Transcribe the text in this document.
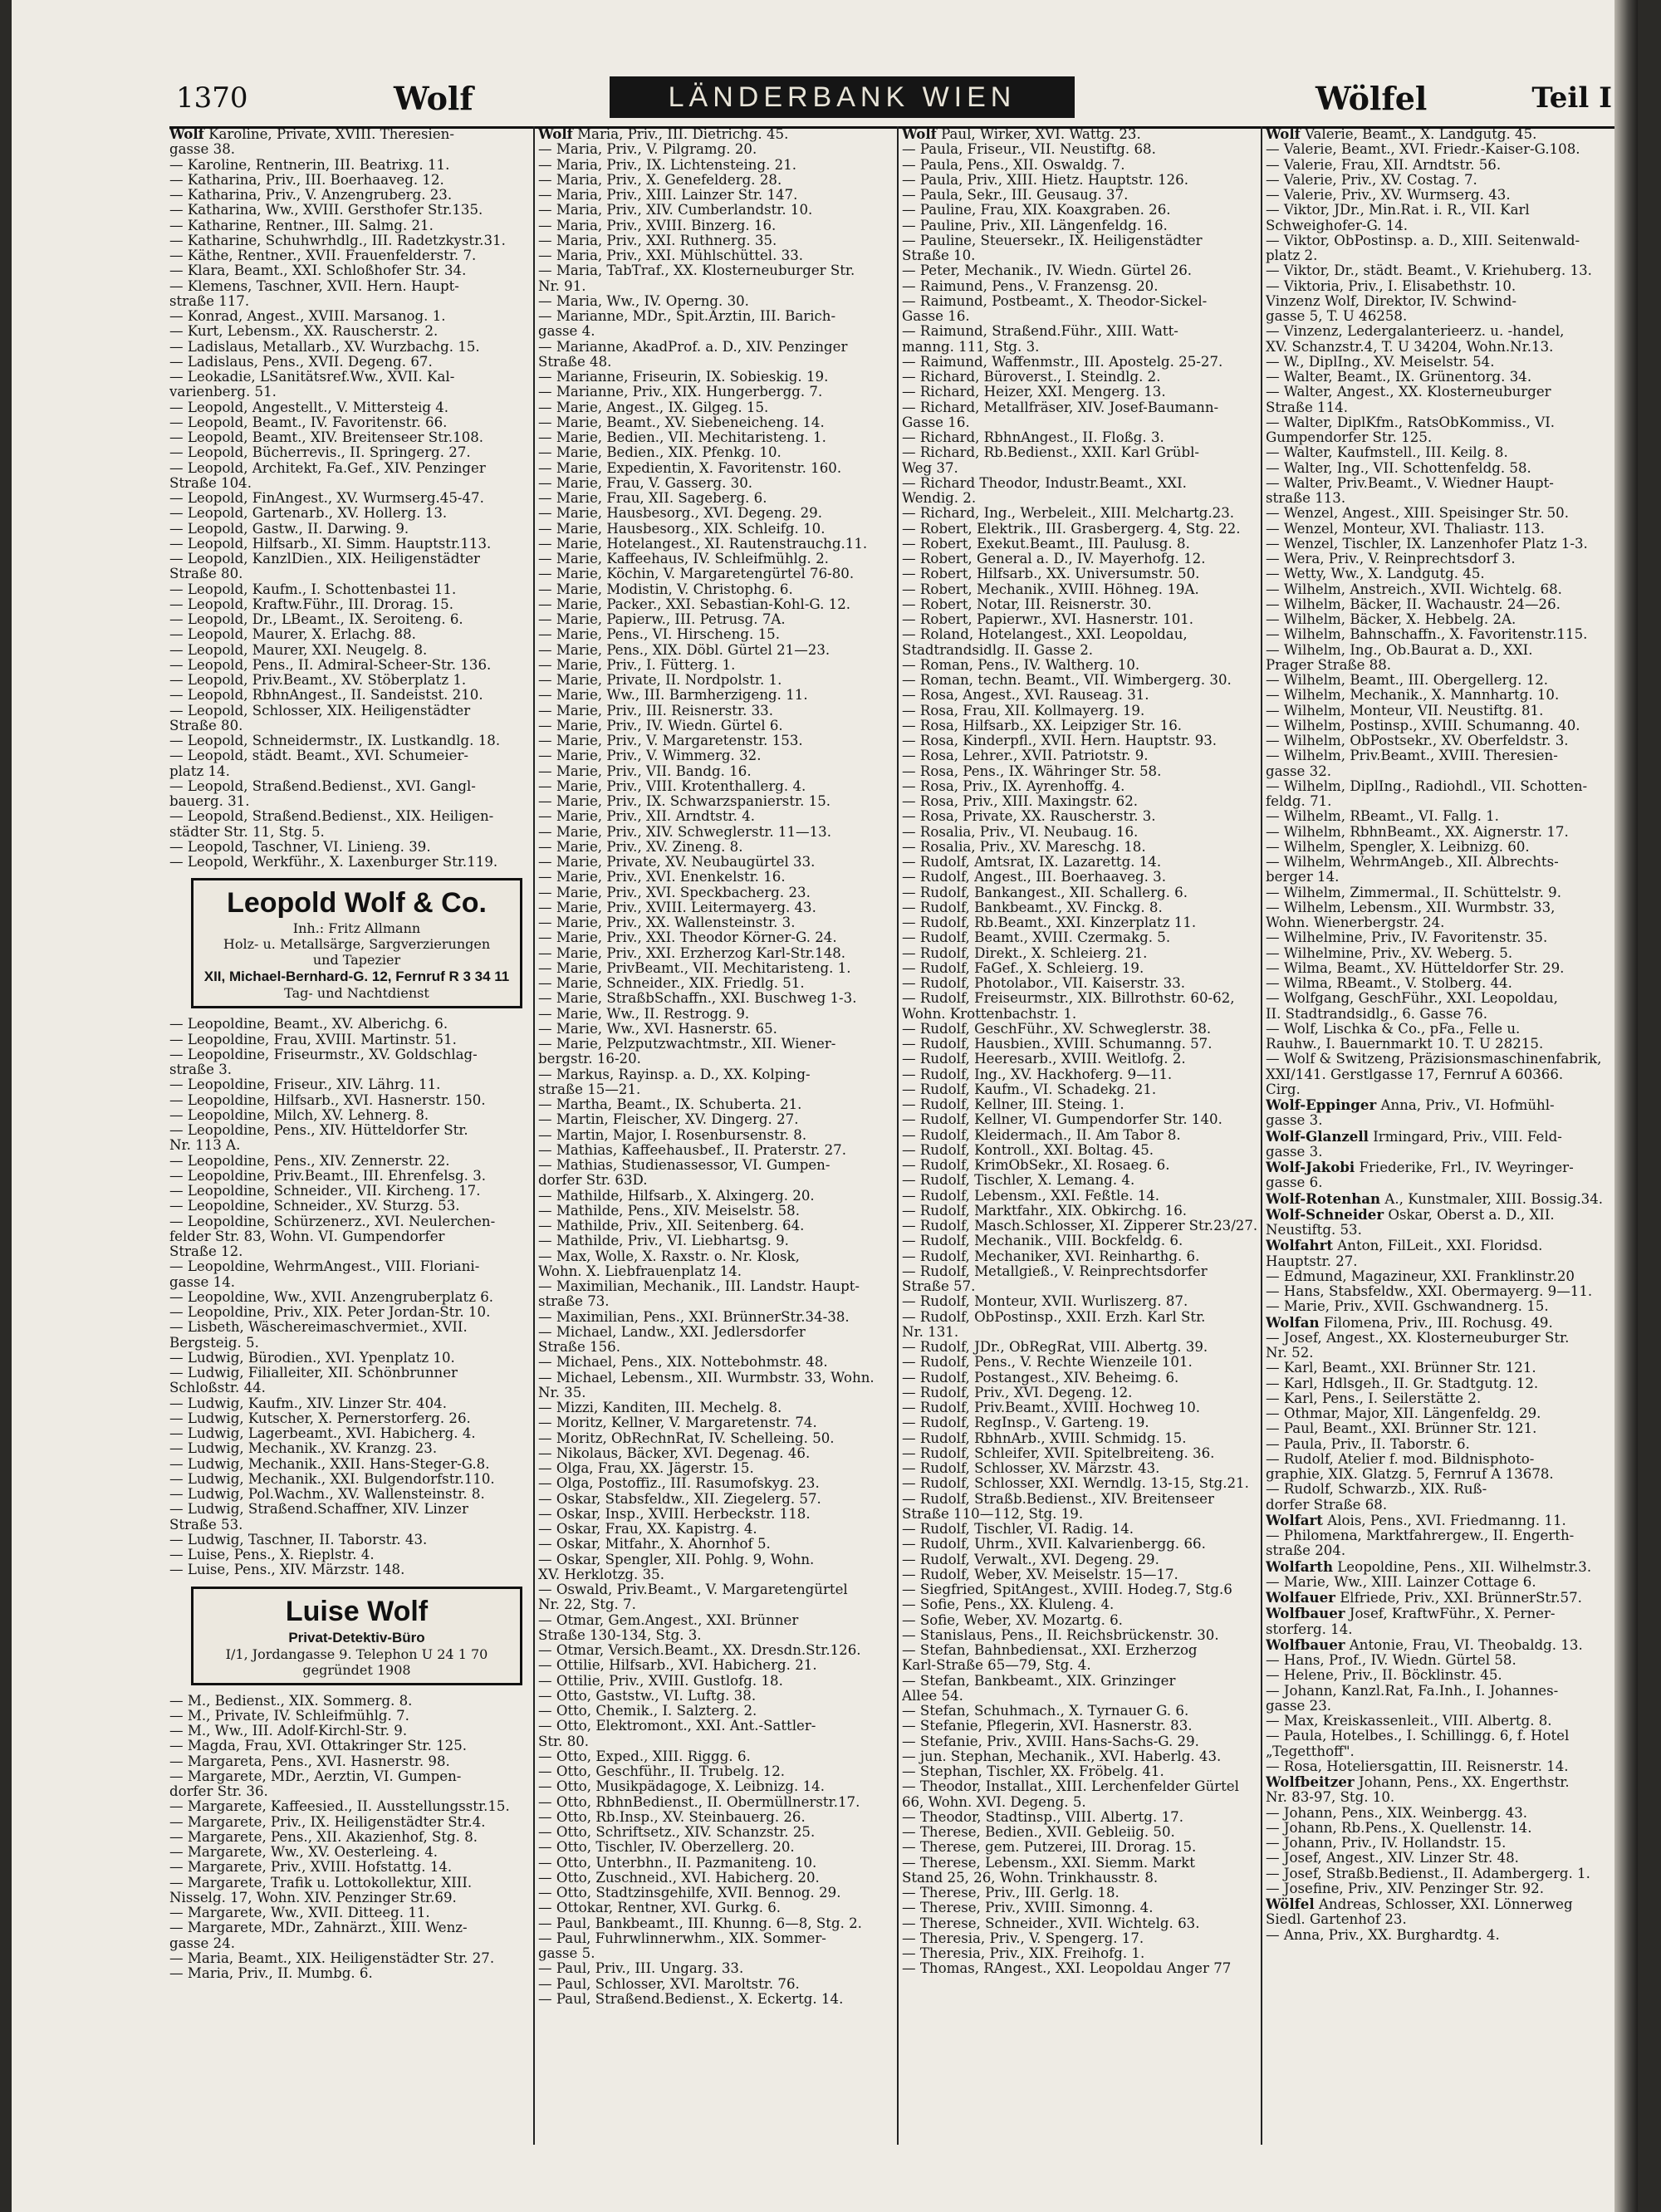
1370	Wolf	LÄNDERBANK WIEN	Wölfel	Teil I
Wolf Karoline, Private, XVIII. Theresien-
gasse 38.
— Karoline, Rentnerin, III. Beatrixg. 11.
— Katharina, Priv., III. Boerhaaveg. 12.
— Katharina, Priv., V. Anzengruberg. 23.
— Katharina, Ww., XVIII. Gersthofer Str.135.
— Katharine, Rentner., III. Salmg. 21.
— Katharine, Schuhwrhdlg., III. Radetzkystr.31.
— Käthe, Rentner., XVII. Frauenfelderstr. 7.
— Klara, Beamt., XXI. Schloßhofer Str. 34.
— Klemens, Taschner, XVII. Hern. Haupt-
straße 117.
— Konrad, Angest., XVIII. Marsanog. 1.
— Kurt, Lebensm., XX. Rauscherstr. 2.
— Ladislaus, Metallarb., XV. Wurzbachg. 15.
— Ladislaus, Pens., XVII. Degeng. 67.
— Leokadie, LSanitätsref.Ww., XVII. Kal-
varienberg. 51.
— Leopold, Angestellt., V. Mittersteig 4.
— Leopold, Beamt., IV. Favoritenstr. 66.
— Leopold, Beamt., XIV. Breitenseer Str.108.
— Leopold, Bücherrevis., II. Springerg. 27.
— Leopold, Architekt, Fa.Gef., XIV. Penzinger
Straße 104.
— Leopold, FinAngest., XV. Wurmserg.45-47.
— Leopold, Gartenarb., XV. Hollerg. 13.
— Leopold, Gastw., II. Darwing. 9.
— Leopold, Hilfsarb., XI. Simm. Hauptstr.113.
— Leopold, KanzlDien., XIX. Heiligenstädter
Straße 80.
— Leopold, Kaufm., I. Schottenbastei 11.
— Leopold, Kraftw.Führ., III. Drorag. 15.
— Leopold, Dr., LBeamt., IX. Seroiteng. 6.
— Leopold, Maurer, X. Erlachg. 88.
— Leopold, Maurer, XXI. Neugelg. 8.
— Leopold, Pens., II. Admiral-Scheer-Str. 136.
— Leopold, Priv.Beamt., XV. Stöberplatz 1.
— Leopold, RbhnAngest., II. Sandeistst. 210.
— Leopold, Schlosser, XIX. Heiligenstädter
Straße 80.
— Leopold, Schneidermstr., IX. Lustkandlg. 18.
— Leopold, städt. Beamt., XVI. Schumeier-
platz 14.
— Leopold, Straßend.Bedienst., XVI. Gangl-
bauerg. 31.
— Leopold, Straßend.Bedienst., XIX. Heiligen-
städter Str. 11, Stg. 5.
— Leopold, Taschner, VI. Linieng. 39.
— Leopold, Werkführ., X. Laxenburger Str.119.
Leopold Wolf & Co.
Inh.: Fritz Allmann
Holz- u. Metallsärge, Sargverzierungen
und Tapezier
XII, Michael-Bernhard-G. 12, Fernruf R 3 34 11
Tag- und Nachtdienst
— Leopoldine, Beamt., XV. Alberichg. 6.
— Leopoldine, Frau, XVIII. Martinstr. 51.
— Leopoldine, Friseurmstr., XV. Goldschlag-
straße 3.
— Leopoldine, Friseur., XIV. Lährg. 11.
— Leopoldine, Hilfsarb., XVI. Hasnerstr. 150.
— Leopoldine, Milch, XV. Lehnerg. 8.
— Leopoldine, Pens., XIV. Hütteldorfer Str.
Nr. 113 A.
— Leopoldine, Pens., XIV. Zennerstr. 22.
— Leopoldine, Priv.Beamt., III. Ehrenfelsg. 3.
— Leopoldine, Schneider., VII. Kircheng. 17.
— Leopoldine, Schneider., XV. Sturzg. 53.
— Leopoldine, Schürzenerz., XVI. Neulerchen-
felder Str. 83, Wohn. VI. Gumpendorfer
Straße 12.
— Leopoldine, WehrmAngest., VIII. Floriani-
gasse 14.
— Leopoldine, Ww., XVII. Anzengruberplatz 6.
— Leopoldine, Priv., XIX. Peter Jordan-Str. 10.
— Lisbeth, Wäschereimaschvermiet., XVII.
Bergsteig. 5.
— Ludwig, Bürodien., XVI. Ypenplatz 10.
— Ludwig, Filialleiter, XII. Schönbrunner
Schloßstr. 44.
— Ludwig, Kaufm., XIV. Linzer Str. 404.
— Ludwig, Kutscher, X. Pernerstorferg. 26.
— Ludwig, Lagerbeamt., XVI. Habicherg. 4.
— Ludwig, Mechanik., XV. Kranzg. 23.
— Ludwig, Mechanik., XXII. Hans-Steger-G.8.
— Ludwig, Mechanik., XXI. Bulgendorfstr.110.
— Ludwig, Pol.Wachm., XV. Wallensteinstr. 8.
— Ludwig, Straßend.Schaffner, XIV. Linzer
Straße 53.
— Ludwig, Taschner, II. Taborstr. 43.
— Luise, Pens., X. Rieplstr. 4.
— Luise, Pens., XIV. Märzstr. 148.
Luise Wolf
Privat-Detektiv-Büro
I/1, Jordangasse 9. Telephon U 24 1 70
gegründet 1908
— M., Bedienst., XIX. Sommerg. 8.
— M., Private, IV. Schleifmühlg. 7.
— M., Ww., III. Adolf-Kirchl-Str. 9.
— Magda, Frau, XVI. Ottakringer Str. 125.
— Margareta, Pens., XVI. Hasnerstr. 98.
— Margarete, MDr., Aerztin, VI. Gumpen-
dorfer Str. 36.
— Margarete, Kaffeesied., II. Ausstellungsstr.15.
— Margarete, Priv., IX. Heiligenstädter Str.4.
— Margarete, Pens., XII. Akazienhof, Stg. 8.
— Margarete, Ww., XV. Oesterleing. 4.
— Margarete, Priv., XVIII. Hofstattg. 14.
— Margarete, Trafik u. Lottokollektur, XIII.
Nisselg. 17, Wohn. XIV. Penzinger Str.69.
— Margarete, Ww., XVII. Ditteeg. 11.
— Margarete, MDr., Zahnärzt., XIII. Wenz-
gasse 24.
— Maria, Beamt., XIX. Heiligenstädter Str. 27.
— Maria, Priv., II. Mumbg. 6.
Wolf Maria, Priv., III. Dietrichg. 45.
— Maria, Priv., V. Pilgramg. 20.
— Maria, Priv., IX. Lichtensteing. 21.
— Maria, Priv., X. Genefelderg. 28.
— Maria, Priv., XIII. Lainzer Str. 147.
— Maria, Priv., XIV. Cumberlandstr. 10.
— Maria, Priv., XVIII. Binzerg. 16.
— Maria, Priv., XXI. Ruthnerg. 35.
— Maria, Priv., XXI. Mühlschüttel. 33.
— Maria, TabTraf., XX. Klosterneuburger Str.
Nr. 91.
— Maria, Ww., IV. Operng. 30.
— Marianne, MDr., Spit.Ärztin, III. Barich-
gasse 4.
— Marianne, AkadProf. a. D., XIV. Penzinger
Straße 48.
— Marianne, Friseurin, IX. Sobieskig. 19.
— Marianne, Priv., XIX. Hungerbergg. 7.
— Marie, Angest., IX. Gilgeg. 15.
— Marie, Beamt., XV. Siebeneicheng. 14.
— Marie, Bedien., VII. Mechitaristeng. 1.
— Marie, Bedien., XIX. Pfenkg. 10.
— Marie, Expedientin, X. Favoritenstr. 160.
— Marie, Frau, V. Gasserg. 30.
— Marie, Frau, XII. Sageberg. 6.
— Marie, Hausbesorg., XVI. Degeng. 29.
— Marie, Hausbesorg., XIX. Schleifg. 10.
— Marie, Hotelangest., XI. Rautenstrauchg.11.
— Marie, Kaffeehaus, IV. Schleifmühlg. 2.
— Marie, Köchin, V. Margaretengürtel 76-80.
— Marie, Modistin, V. Christophg. 6.
— Marie, Packer., XXI. Sebastian-Kohl-G. 12.
— Marie, Papierw., III. Petrusg. 7A.
— Marie, Pens., VI. Hirscheng. 15.
— Marie, Pens., XIX. Döbl. Gürtel 21—23.
— Marie, Priv., I. Fütterg. 1.
— Marie, Private, II. Nordpolstr. 1.
— Marie, Ww., III. Barmherzigeng. 11.
— Marie, Priv., III. Reisnerstr. 33.
— Marie, Priv., IV. Wiedn. Gürtel 6.
— Marie, Priv., V. Margaretenstr. 153.
— Marie, Priv., V. Wimmerg. 32.
— Marie, Priv., VII. Bandg. 16.
— Marie, Priv., VIII. Krotenthallerg. 4.
— Marie, Priv., IX. Schwarzspanierstr. 15.
— Marie, Priv., XII. Arndtstr. 4.
— Marie, Priv., XIV. Schweglerstr. 11—13.
— Marie, Priv., XV. Zineng. 8.
— Marie, Private, XV. Neubaugürtel 33.
— Marie, Priv., XVI. Enenkelstr. 16.
— Marie, Priv., XVI. Speckbacherg. 23.
— Marie, Priv., XVIII. Leitermayerg. 43.
— Marie, Priv., XX. Wallensteinstr. 3.
— Marie, Priv., XXI. Theodor Körner-G. 24.
— Marie, Priv., XXI. Erzherzog Karl-Str.148.
— Marie, PrivBeamt., VII. Mechitaristeng. 1.
— Marie, Schneider., XIX. Friedlg. 51.
— Marie, StraßbSchaffn., XXI. Buschweg 1-3.
— Marie, Ww., II. Restrogg. 9.
— Marie, Ww., XVI. Hasnerstr. 65.
— Marie, Pelzputzwachtmstr., XII. Wiener-
bergstr. 16-20.
— Markus, Rayinsp. a. D., XX. Kolping-
straße 15—21.
— Martha, Beamt., IX. Schuberta. 21.
— Martin, Fleischer, XV. Dingerg. 27.
— Martin, Major, I. Rosenbursenstr. 8.
— Mathias, Kaffeehausbef., II. Praterstr. 27.
— Mathias, Studienassessor, VI. Gumpen-
dorfer Str. 63D.
— Mathilde, Hilfsarb., X. Alxingerg. 20.
— Mathilde, Pens., XIV. Meiselstr. 58.
— Mathilde, Priv., XII. Seitenberg. 64.
— Mathilde, Priv., VI. Liebhartsg. 9.
— Max, Wolle, X. Raxstr. o. Nr. Klosk,
Wohn. X. Liebfrauenplatz 14.
— Maximilian, Mechanik., III. Landstr. Haupt-
straße 73.
— Maximilian, Pens., XXI. BrünnerStr.34-38.
— Michael, Landw., XXI. Jedlersdorfer
Straße 156.
— Michael, Pens., XIX. Nottebohmstr. 48.
— Michael, Lebensm., XII. Wurmbstr. 33, Wohn.
Nr. 35.
— Mizzi, Kanditen, III. Mechelg. 8.
— Moritz, Kellner, V. Margaretenstr. 74.
— Moritz, ObRechnRat, IV. Schelleing. 50.
— Nikolaus, Bäcker, XVI. Degenag. 46.
— Olga, Frau, XX. Jägerstr. 15.
— Olga, Postoffiz., III. Rasumofskyg. 23.
— Oskar, Stabsfeldw., XII. Ziegelerg. 57.
— Oskar, Insp., XVIII. Herbeckstr. 118.
— Oskar, Frau, XX. Kapistrg. 4.
— Oskar, Mitfahr., X. Ahornhof 5.
— Oskar, Spengler, XII. Pohlg. 9, Wohn.
XV. Herklotzg. 35.
— Oswald, Priv.Beamt., V. Margaretengürtel
Nr. 22, Stg. 7.
— Otmar, Gem.Angest., XXI. Brünner
Straße 130-134, Stg. 3.
— Otmar, Versich.Beamt., XX. Dresdn.Str.126.
— Ottilie, Hilfsarb., XVI. Habicherg. 21.
— Ottilie, Priv., XVIII. Gustlofg. 18.
— Otto, Gaststw., VI. Luftg. 38.
— Otto, Chemik., I. Salzterg. 2.
— Otto, Elektromont., XXI. Ant.-Sattler-
Str. 80.
— Otto, Exped., XIII. Riggg. 6.
— Otto, Geschführ., II. Trubelg. 12.
— Otto, Musikpädagoge, X. Leibnizg. 14.
— Otto, RbhnBedienst., II. Obermüllnerstr.17.
— Otto, Rb.Insp., XV. Steinbauerg. 26.
— Otto, Schriftsetz., XIV. Schanzstr. 25.
— Otto, Tischler, IV. Oberzellerg. 20.
— Otto, Unterbhn., II. Pazmaniteng. 10.
— Otto, Zuschneid., XVI. Habicherg. 20.
— Otto, Stadtzinsgehilfe, XVII. Bennog. 29.
— Ottokar, Rentner, XVI. Gurkg. 6.
— Paul, Bankbeamt., III. Khunng. 6—8, Stg. 2.
— Paul, Fuhrwlinnerwhm., XIX. Sommer-
gasse 5.
— Paul, Priv., III. Ungarg. 33.
— Paul, Schlosser, XVI. Maroltstr. 76.
— Paul, Straßend.Bedienst., X. Eckertg. 14.
Wolf Paul, Wirker, XVI. Wattg. 23.
— Paula, Friseur., VII. Neustiftg. 68.
— Paula, Pens., XII. Oswaldg. 7.
— Paula, Priv., XIII. Hietz. Hauptstr. 126.
— Paula, Sekr., III. Geusaug. 37.
— Pauline, Frau, XIX. Koaxgraben. 26.
— Pauline, Priv., XII. Längenfeldg. 16.
— Pauline, Steuersekr., IX. Heiligenstädter
Straße 10.
— Peter, Mechanik., IV. Wiedn. Gürtel 26.
— Raimund, Pens., V. Franzensg. 20.
— Raimund, Postbeamt., X. Theodor-Sickel-
Gasse 16.
— Raimund, Straßend.Führ., XIII. Watt-
manng. 111, Stg. 3.
— Raimund, Waffenmstr., III. Apostelg. 25-27.
— Richard, Büroverst., I. Steindlg. 2.
— Richard, Heizer, XXI. Mengerg. 13.
— Richard, Metallfräser, XIV. Josef-Baumann-
Gasse 16.
— Richard, RbhnAngest., II. Floßg. 3.
— Richard, Rb.Bedienst., XXII. Karl Grübl-
Weg 37.
— Richard Theodor, Industr.Beamt., XXI.
Wendig. 2.
— Richard, Ing., Werbeleit., XIII. Melchartg.23.
— Robert, Elektrik., III. Grasbergerg. 4, Stg. 22.
— Robert, Exekut.Beamt., III. Paulusg. 8.
— Robert, General a. D., IV. Mayerhofg. 12.
— Robert, Hilfsarb., XX. Universumstr. 50.
— Robert, Mechanik., XVIII. Höhneg. 19A.
— Robert, Notar, III. Reisnerstr. 30.
— Robert, Papierwr., XVI. Hasnerstr. 101.
— Roland, Hotelangest., XXI. Leopoldau,
Stadtrandsidlg. II. Gasse 2.
— Roman, Pens., IV. Waltherg. 10.
— Roman, techn. Beamt., VII. Wimbergerg. 30.
— Rosa, Angest., XVI. Rauseag. 31.
— Rosa, Frau, XII. Kollmayerg. 19.
— Rosa, Hilfsarb., XX. Leipziger Str. 16.
— Rosa, Kinderpfl., XVII. Hern. Hauptstr. 93.
— Rosa, Lehrer., XVII. Patriotstr. 9.
— Rosa, Pens., IX. Währinger Str. 58.
— Rosa, Priv., IX. Ayrenhoffg. 4.
— Rosa, Priv., XIII. Maxingstr. 62.
— Rosa, Private, XX. Rauscherstr. 3.
— Rosalia, Priv., VI. Neubaug. 16.
— Rosalia, Priv., XV. Mareschg. 18.
— Rudolf, Amtsrat, IX. Lazarettg. 14.
— Rudolf, Angest., III. Boerhaaveg. 3.
— Rudolf, Bankangest., XII. Schallerg. 6.
— Rudolf, Bankbeamt., XV. Finckg. 8.
— Rudolf, Rb.Beamt., XXI. Kinzerplatz 11.
— Rudolf, Beamt., XVIII. Czermakg. 5.
— Rudolf, Direkt., X. Schleierg. 21.
— Rudolf, FaGef., X. Schleierg. 19.
— Rudolf, Photolabor., VII. Kaiserstr. 33.
— Rudolf, Freiseurmstr., XIX. Billrothstr. 60-62,
Wohn. Krottenbachstr. 1.
— Rudolf, GeschFühr., XV. Schweglerstr. 38.
— Rudolf, Hausbien., XVIII. Schumanng. 57.
— Rudolf, Heeresarb., XVIII. Weitlofg. 2.
— Rudolf, Ing., XV. Hackhoferg. 9—11.
— Rudolf, Kaufm., VI. Schadekg. 21.
— Rudolf, Kellner, III. Steing. 1.
— Rudolf, Kellner, VI. Gumpendorfer Str. 140.
— Rudolf, Kleidermach., II. Am Tabor 8.
— Rudolf, Kontroll., XXI. Boltag. 45.
— Rudolf, KrimObSekr., XI. Rosaeg. 6.
— Rudolf, Tischler, X. Lemang. 4.
— Rudolf, Lebensm., XXI. Feßtle. 14.
— Rudolf, Marktfahr., XIX. Obkirchg. 16.
— Rudolf, Masch.Schlosser, XI. Zipperer Str.23/27.
— Rudolf, Mechanik., VIII. Bockfeldg. 6.
— Rudolf, Mechaniker, XVI. Reinharthg. 6.
— Rudolf, Metallgieß., V. Reinprechtsdorfer
Straße 57.
— Rudolf, Monteur, XVII. Wurliszerg. 87.
— Rudolf, ObPostinsp., XXII. Erzh. Karl Str.
Nr. 131.
— Rudolf, JDr., ObRegRat, VIII. Albertg. 39.
— Rudolf, Pens., V. Rechte Wienzeile 101.
— Rudolf, Postangest., XIV. Beheimg. 6.
— Rudolf, Priv., XVI. Degeng. 12.
— Rudolf, Priv.Beamt., XVIII. Hochweg 10.
— Rudolf, RegInsp., V. Garteng. 19.
— Rudolf, RbhnArb., XVIII. Schmidg. 15.
— Rudolf, Schleifer, XVII. Spitelbreiteng. 36.
— Rudolf, Schlosser, XV. Märzstr. 43.
— Rudolf, Schlosser, XXI. Werndlg. 13-15, Stg.21.
— Rudolf, Straßb.Bedienst., XIV. Breitenseer
Straße 110—112, Stg. 19.
— Rudolf, Tischler, VI. Radig. 14.
— Rudolf, Uhrm., XVII. Kalvarienbergg. 66.
— Rudolf, Verwalt., XVI. Degeng. 29.
— Rudolf, Weber, XV. Meiselstr. 15—17.
— Siegfried, SpitAngest., XVIII. Hodeg.7, Stg.6
— Sofie, Pens., XX. Kluleng. 4.
— Sofie, Weber, XV. Mozartg. 6.
— Stanislaus, Pens., II. Reichsbrückenstr. 30.
— Stefan, Bahnbediensat., XXI. Erzherzog
Karl-Straße 65—79, Stg. 4.
— Stefan, Bankbeamt., XIX. Grinzinger
Allee 54.
— Stefan, Schuhmach., X. Tyrnauer G. 6.
— Stefanie, Pflegerin, XVI. Hasnerstr. 83.
— Stefanie, Priv., XVIII. Hans-Sachs-G. 29.
— jun. Stephan, Mechanik., XVI. Haberlg. 43.
— Stephan, Tischler, XX. Fröbelg. 41.
— Theodor, Installat., XIII. Lerchenfelder Gürtel
66, Wohn. XVI. Degeng. 5.
— Theodor, Stadtinsp., VIII. Albertg. 17.
— Therese, Bedien., XVII. Gebleiig. 50.
— Therese, gem. Putzerei, III. Drorag. 15.
— Therese, Lebensm., XXI. Siemm. Markt
Stand 25, 26, Wohn. Trinkhausstr. 8.
— Therese, Priv., III. Gerlg. 18.
— Therese, Priv., XVIII. Simonng. 4.
— Therese, Schneider., XVII. Wichtelg. 63.
— Theresia, Priv., V. Spengerg. 17.
— Theresia, Priv., XIX. Freihofg. 1.
— Thomas, RAngest., XXI. Leopoldau Anger 77
Wolf Valerie, Beamt., X. Landgutg. 45.
— Valerie, Beamt., XVI. Friedr.-Kaiser-G.108.
— Valerie, Frau, XII. Arndtstr. 56.
— Valerie, Priv., XV. Costag. 7.
— Valerie, Priv., XV. Wurmserg. 43.
— Viktor, JDr., Min.Rat. i. R., VII. Karl
Schweighofer-G. 14.
— Viktor, ObPostinsp. a. D., XIII. Seitenwald-
platz 2.
— Viktor, Dr., städt. Beamt., V. Kriehuberg. 13.
— Viktoria, Priv., I. Elisabethstr. 10.
Vinzenz Wolf, Direktor, IV. Schwind-
gasse 5, T. U 46258.
— Vinzenz, Ledergalanterieerz. u. -handel,
XV. Schanzstr.4, T. U 34204, Wohn.Nr.13.
— W., DiplIng., XV. Meiselstr. 54.
— Walter, Beamt., IX. Grünentorg. 34.
— Walter, Angest., XX. Klosterneuburger
Straße 114.
— Walter, DiplKfm., RatsObKommiss., VI.
Gumpendorfer Str. 125.
— Walter, Kaufmstell., III. Keilg. 8.
— Walter, Ing., VII. Schottenfeldg. 58.
— Walter, Priv.Beamt., V. Wiedner Haupt-
straße 113.
— Wenzel, Angest., XIII. Speisinger Str. 50.
— Wenzel, Monteur, XVI. Thaliastr. 113.
— Wenzel, Tischler, IX. Lanzenhofer Platz 1-3.
— Wera, Priv., V. Reinprechtsdorf 3.
— Wetty, Ww., X. Landgutg. 45.
— Wilhelm, Anstreich., XVII. Wichtelg. 68.
— Wilhelm, Bäcker, II. Wachaustr. 24—26.
— Wilhelm, Bäcker, X. Hebbelg. 2A.
— Wilhelm, Bahnschaffn., X. Favoritenstr.115.
— Wilhelm, Ing., Ob.Baurat a. D., XXI.
Prager Straße 88.
— Wilhelm, Beamt., III. Obergellerg. 12.
— Wilhelm, Mechanik., X. Mannhartg. 10.
— Wilhelm, Monteur, VII. Neustiftg. 81.
— Wilhelm, Postinsp., XVIII. Schumanng. 40.
— Wilhelm, ObPostsekr., XV. Oberfeldstr. 3.
— Wilhelm, Priv.Beamt., XVIII. Theresien-
gasse 32.
— Wilhelm, DiplIng., Radiohdl., VII. Schotten-
feldg. 71.
— Wilhelm, RBeamt., VI. Fallg. 1.
— Wilhelm, RbhnBeamt., XX. Aignerstr. 17.
— Wilhelm, Spengler, X. Leibnizg. 60.
— Wilhelm, WehrmAngeb., XII. Albrechts-
berger 14.
— Wilhelm, Zimmermal., II. Schüttelstr. 9.
— Wilhelm, Lebensm., XII. Wurmbstr. 33,
Wohn. Wienerbergstr. 24.
— Wilhelmine, Priv., IV. Favoritenstr. 35.
— Wilhelmine, Priv., XV. Weberg. 5.
— Wilma, Beamt., XV. Hütteldorfer Str. 29.
— Wilma, RBeamt., V. Stolberg. 44.
— Wolfgang, GeschFühr., XXI. Leopoldau,
II. Stadtrandsidlg., 6. Gasse 76.
— Wolf, Lischka & Co., pFa., Felle u.
Rauhw., I. Bauernmarkt 10. T. U 28215.
— Wolf & Switzeng, Präzisionsmaschinenfabrik,
XXI/141. Gerstlgasse 17, Fernruf A 60366.
Cirg.
Wolf-Eppinger Anna, Priv., VI. Hofmühl-
gasse 3.
Wolf-Glanzell Irmingard, Priv., VIII. Feld-
gasse 3.
Wolf-Jakobi Friederike, Frl., IV. Weyringer-
gasse 6.
Wolf-Rotenhan A., Kunstmaler, XIII. Bossig.34.
Wolf-Schneider Oskar, Oberst a. D., XII.
Neustiftg. 53.
Wolfahrt Anton, FilLeit., XXI. Floridsd.
Hauptstr. 27.
— Edmund, Magazineur, XXI. Franklinstr.20
— Hans, Stabsfeldw., XXI. Obermayerg. 9—11.
— Marie, Priv., XVII. Gschwandnerg. 15.
Wolfan Filomena, Priv., III. Rochusg. 49.
— Josef, Angest., XX. Klosterneuburger Str.
Nr. 52.
— Karl, Beamt., XXI. Brünner Str. 121.
— Karl, Hdlsgeh., II. Gr. Stadtgutg. 12.
— Karl, Pens., I. Seilerstätte 2.
— Othmar, Major, XII. Längenfeldg. 29.
— Paul, Beamt., XXI. Brünner Str. 121.
— Paula, Priv., II. Taborstr. 6.
— Rudolf, Atelier f. mod. Bildnisphoto-
graphie, XIX. Glatzg. 5, Fernruf A 13678.
— Rudolf, Schwarzb., XIX. Ruß-
dorfer Straße 68.
Wolfart Alois, Pens., XVI. Friedmanng. 11.
— Philomena, Marktfahrergew., II. Engerth-
straße 204.
Wolfarth Leopoldine, Pens., XII. Wilhelmstr.3.
— Marie, Ww., XIII. Lainzer Cottage 6.
Wolfauer Elfriede, Priv., XXI. BrünnerStr.57.
Wolfbauer Josef, KraftwFühr., X. Perner-
storferg. 14.
Wolfbauer Antonie, Frau, VI. Theobaldg. 13.
— Hans, Prof., IV. Wiedn. Gürtel 58.
— Helene, Priv., II. Böcklinstr. 45.
— Johann, Kanzl.Rat, Fa.Inh., I. Johannes-
gasse 23.
— Max, Kreiskassenleit., VIII. Albertg. 8.
— Paula, Hotelbes., I. Schillingg. 6, f. Hotel
„Tegetthoff".
— Rosa, Hoteliersgattin, III. Reisnerstr. 14.
Wolfbeitzer Johann, Pens., XX. Engerthstr.
Nr. 83-97, Stg. 10.
— Johann, Pens., XIX. Weinbergg. 43.
— Johann, Rb.Pens., X. Quellenstr. 14.
— Johann, Priv., IV. Hollandstr. 15.
— Josef, Angest., XIV. Linzer Str. 48.
— Josef, Straßb.Bedienst., II. Adambergerg. 1.
— Josefine, Priv., XIV. Penzinger Str. 92.
Wölfel Andreas, Schlosser, XXI. Lönnerweg
Siedl. Gartenhof 23.
— Anna, Priv., XX. Burghardtg. 4.
